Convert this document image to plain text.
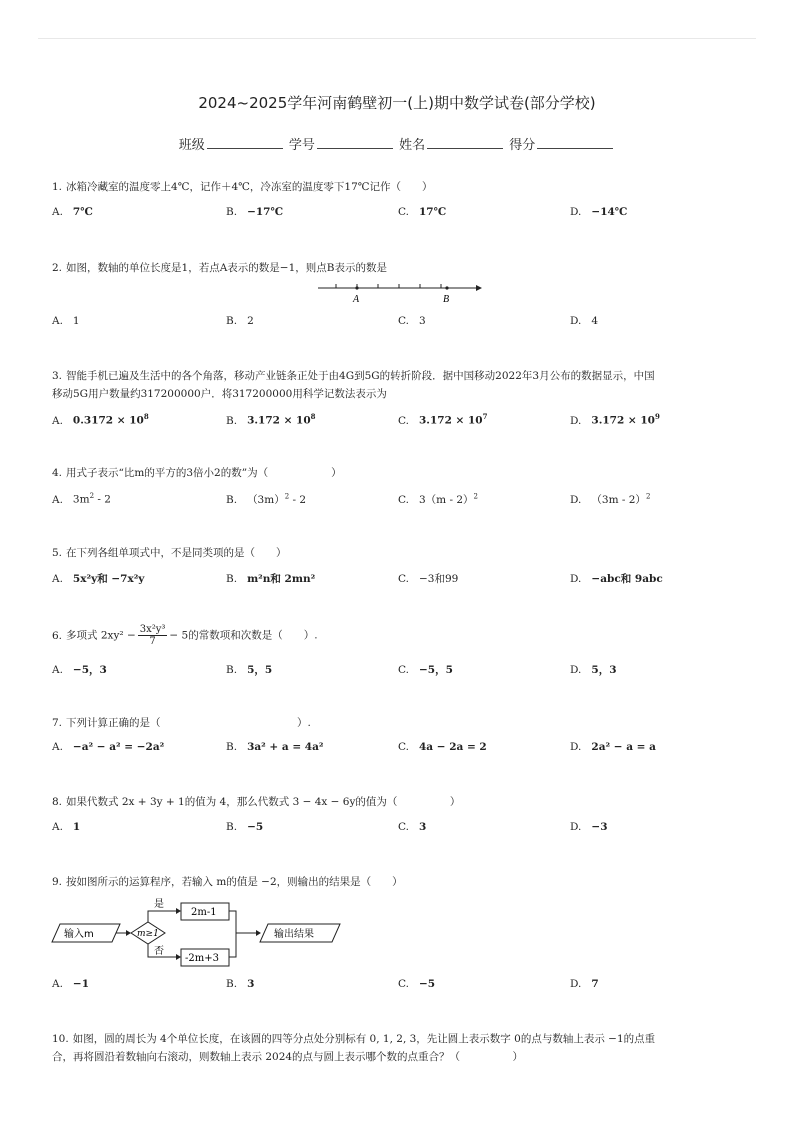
2024~2025学年河南鹤壁初一(上)期中数学试卷(部分学校)
班级	学号	姓名	得分
1. 冰箱冷藏室的温度零上4℃，记作＋4℃，冷冻室的温度零下17℃记作（　　）
A. 7℃	B. −17℃	C. 17℃	D. −14℃
2. 如图，数轴的单位长度是1，若点A表示的数是−1，则点B表示的数是
A	B
A. 1	B. 2	C. 3	D. 4
3. 智能手机已遍及生活中的各个角落，移动产业链条正处于由4G到5G的转折阶段．据中国移动2022年3月公布的数据显示，中国
移动5G用户数量约317200000户．将317200000用科学记数法表示为
A. $0.3172 \times 10^8$	B. $3.172 \times 10^8$	C. $3.172 \times 10^7$	D. $3.172 \times 10^9$
4. 用式子表示“比m的平方的3倍小2的数”为（　　　　　　）
A. $3m^2 - 2$	B. $(3m)^2 - 2$	C. 3（m - 2）$^2$	D. （3m - 2）$^2$
5. 在下列各组单项式中，不是同类项的是（　　）
A. 5x²y和 −7x²y	B. m²n和 2mn²	C. −3和99	D. −abc和 9abc
6. 多项式 $2xy^2 - \frac{\text{3x²y³}}{7} - 5$的常数项和次数是（　　）.
A. −5，3	B. 5，5	C. −5，5	D. 5，3
7. 下列计算正确的是（　　　　　　　　　　　　　）.
A. −a² − a² = −2a²	B. 3a² + a = 4a²	C. 4a − 2a = 2	D. 2a² − a = a
8. 如果代数式 2x + 3y + 1的值为 4，那么代数式 3 − 4x − 6y的值为（　　　　　）
A. 1	B. −5	C. 3	D. −3
9. 按如图所示的运算程序，若输入 m的值是 −2，则输出的结果是（　　）
输入m	m≥1
是
否
2m-1
-2m+3
输出结果
A. −1	B. 3	C. −5	D. 7
10. 如图，圆的周长为 4个单位长度，在该圆的四等分点处分别标有 0, 1, 2, 3，先让圆上表示数字 0的点与数轴上表示 −1的点重
合，再将圆沿着数轴向右滚动，则数轴上表示 2024的点与圆上表示哪个数的点重合？（　　　　　）
